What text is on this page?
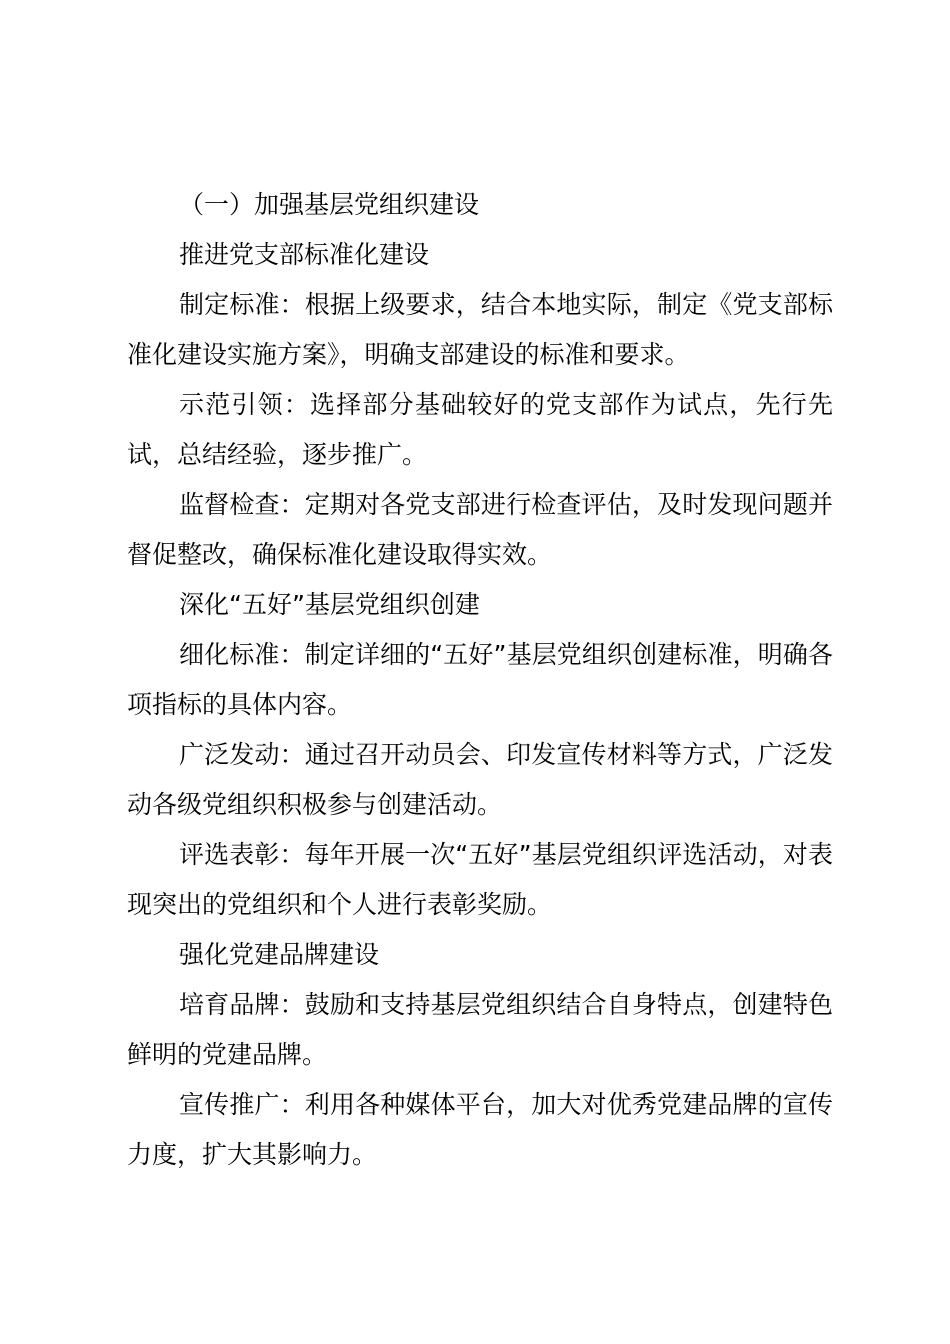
（一）加强基层党组织建设

推进党支部标准化建设

制定标准：根据上级要求，结合本地实际，制定《党支部标准化建设实施方案》，明确支部建设的标准和要求。

示范引领：选择部分基础较好的党支部作为试点，先行先试，总结经验，逐步推广。

监督检查：定期对各党支部进行检查评估，及时发现问题并督促整改，确保标准化建设取得实效。

深化“五好”基层党组织创建

细化标准：制定详细的“五好”基层党组织创建标准，明确各项指标的具体内容。

广泛发动：通过召开动员会、印发宣传材料等方式，广泛发动各级党组织积极参与创建活动。

评选表彰：每年开展一次“五好”基层党组织评选活动，对表现突出的党组织和个人进行表彰奖励。

强化党建品牌建设

培育品牌：鼓励和支持基层党组织结合自身特点，创建特色鲜明的党建品牌。

宣传推广：利用各种媒体平台，加大对优秀党建品牌的宣传力度，扩大其影响力。
